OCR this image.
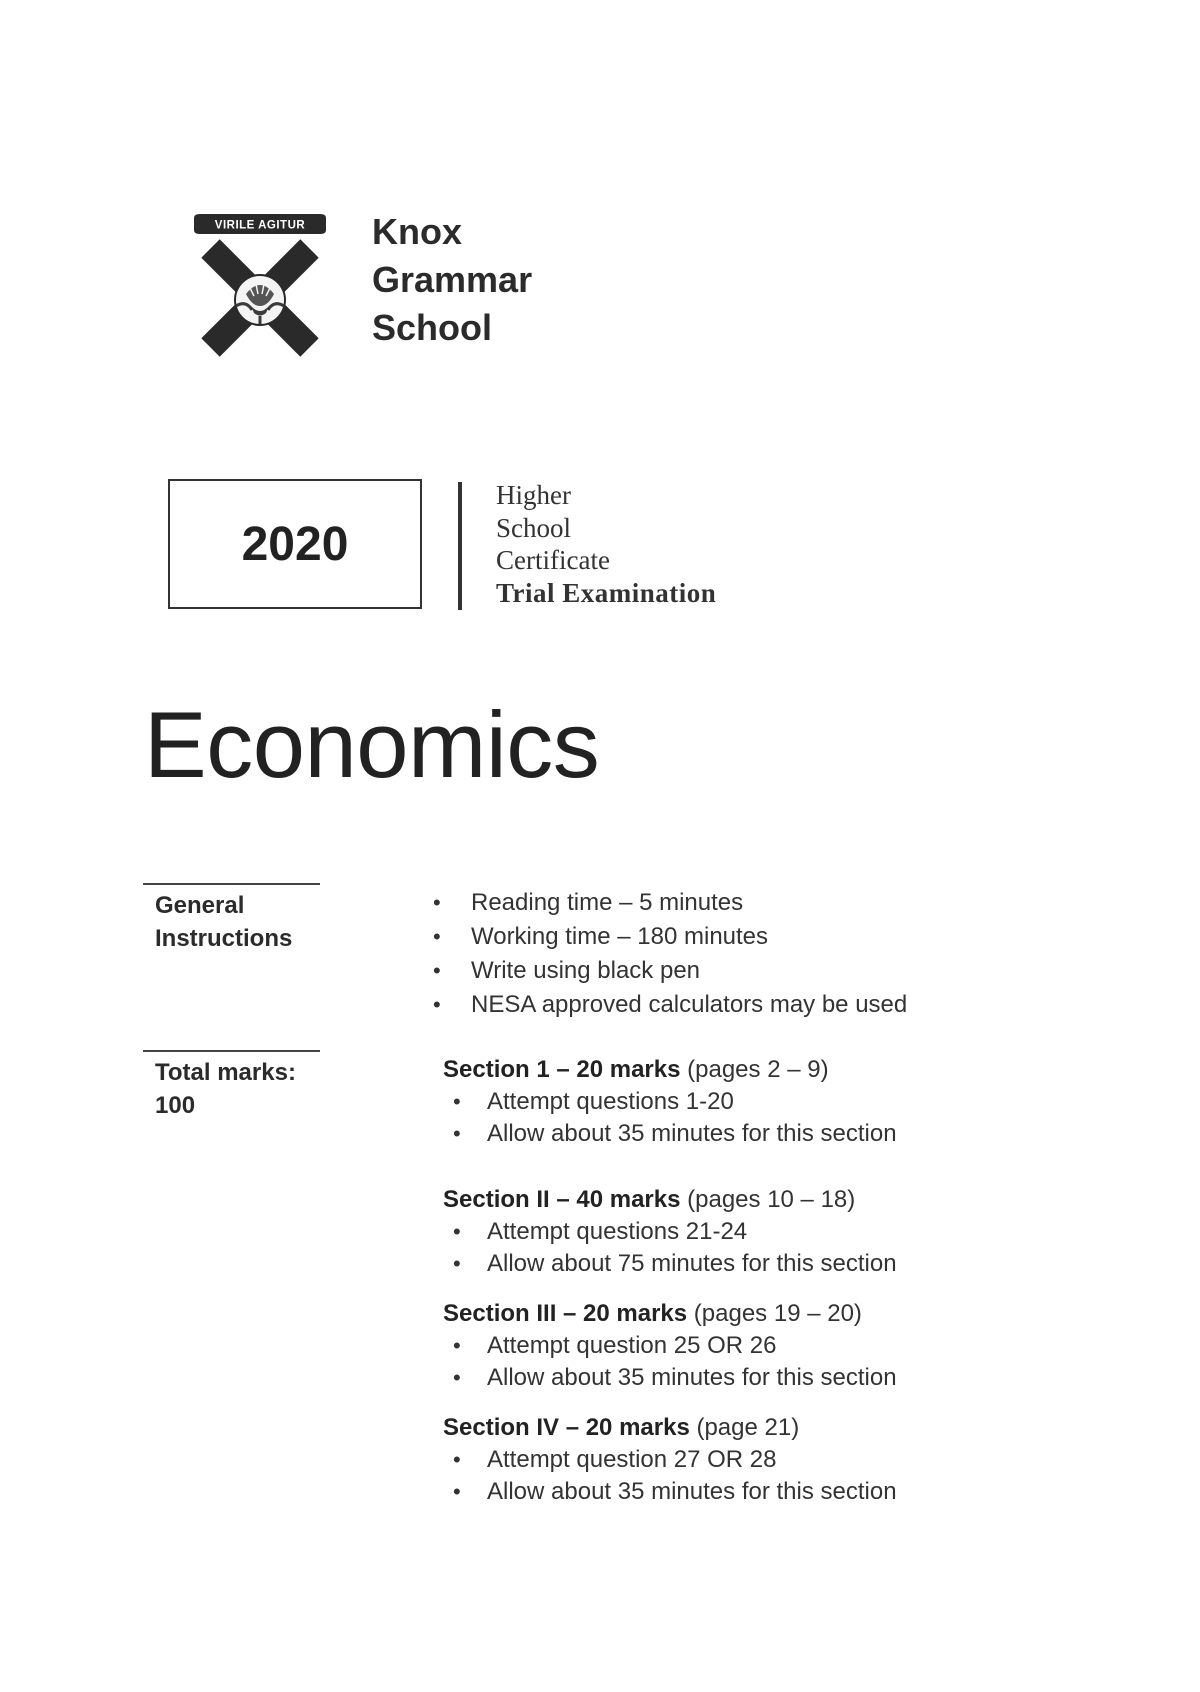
VIRILE AGITUR Knox
Grammar
School
2020
Higher
School
Certificate
Trial Examination
Economics
General
Instructions
• Reading time – 5 minutes
• Working time – 180 minutes
• Write using black pen
• NESA approved calculators may be used
Total marks:
100
Section 1 – 20 marks (pages 2 – 9)
• Attempt questions 1-20
• Allow about 35 minutes for this section
Section II – 40 marks (pages 10 – 18)
• Attempt questions 21-24
• Allow about 75 minutes for this section
Section III – 20 marks (pages 19 – 20)
• Attempt question 25 OR 26
• Allow about 35 minutes for this section
Section IV – 20 marks (page 21)
• Attempt question 27 OR 28
• Allow about 35 minutes for this section
